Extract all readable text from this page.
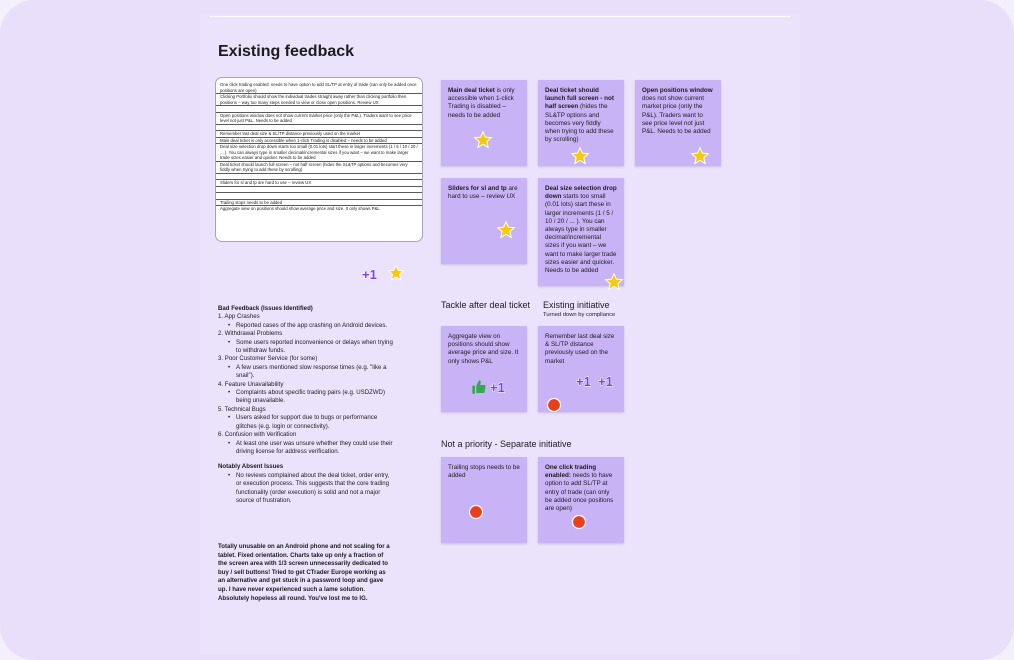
Existing feedback
One click trading enabled: needs to have option to add SL/TP at entry of trade (can only be added once positions are open)
Clicking Portfolio should show the individual trades straight away rather than clicking portfolio then positions – way too many steps needed to view or close open positions. Review UX
Open positions window does not show current market price (only the P&L). Traders want to see price level not just P&L. Needs to be added
Remember last deal size & SL/TP distance previously used on the market
Main deal ticket is only accessible when 1-click Trading is disabled – needs to be added
Deal size selection drop down starts too small (0.01 lots) start these in larger increments (1 / 5 / 10 / 20 / ... ). You can always type in smaller decimal/incremental sizes if you want – we want to make larger trade sizes easier and quicker. Needs to be added
Deal ticket should launch full screen – not half screen (hides the SL&TP options and becomes very fiddly when trying to add these by scrolling)
Sliders for sl and tp are hard to use – review UX
Trailing stops needs to be added
Aggregate view on positions should show average price and size. It only shows P&L
+1
Main deal ticket is only accessible when 1-click Trading is disabled – needs to be added
Deal ticket should launch full screen - not half screen (hides the SL&TP options and becomes very fiddly when trying to add these by scrolling)
Open positions window does not show current market price (only the P&L). Traders want to see price level not just P&L. Needs to be added
Sliders for sl and tp are hard to use – review UX
Deal size selection drop down starts too small (0.01 lots) start these in larger increments (1 / 5 / 10 / 20 / ... ). You can always type in smaller decimal/incremental sizes if you want – we want to make larger trade sizes easier and quicker. Needs to be added
Tackle after deal ticket Existing initiative
Turned down by compliance
Aggregate view on positions should show average price and size. It only shows P&L
+1
Remember last deal size & SL/TP distance previously used on the market
+1 +1
Not a priority - Separate initiative
Trailing stops needs to be added
One click trading enabled: needs to have option to add SL/TP at entry of trade (can only be added once positions are open)
Bad Feedback (Issues Identified)
1. App Crashes
• Reported cases of the app crashing on Android devices.
2. Withdrawal Problems
• Some users reported inconvenience or delays when trying to withdraw funds.
3. Poor Customer Service (for some)
• A few users mentioned slow response times (e.g. "like a snail").
4. Feature Unavailability
• Complaints about specific trading pairs (e.g. USDZWD) being unavailable.
5. Technical Bugs
• Users asked for support due to bugs or performance glitches (e.g. login or connectivity).
6. Confusion with Verification
• At least one user was unsure whether they could use their driving license for address verification.
Notably Absent Issues
• No reviews complained about the deal ticket, order entry, or execution process. This suggests that the core trading functionality (order execution) is solid and not a major source of frustration.
Totally unusable on an Android phone and not scaling for a tablet. Fixed orientation. Charts take up only a fraction of the screen area with 1/3 screen unnecessarily dedicated to buy / sell buttons! Tried to get CTrader Europe working as an alternative and get stuck in a password loop and gave up. I have never experienced such a lame solution. Absolutely hopeless all round. You've lost me to IG.
